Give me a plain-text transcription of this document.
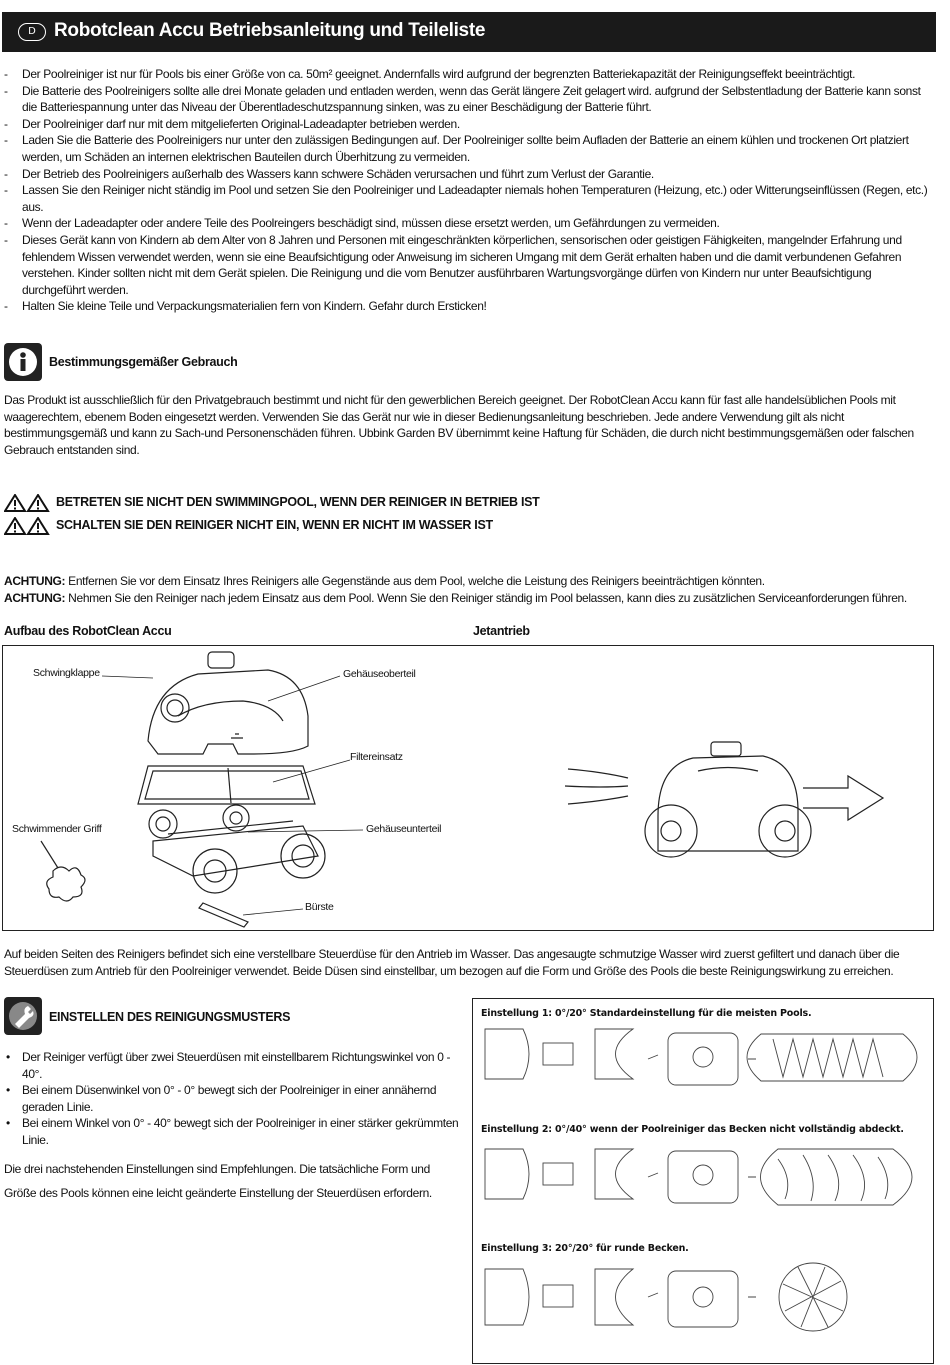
D Robotclean Accu Betriebsanleitung und Teileliste
- Der Poolreiniger ist nur für Pools bis einer Größe von ca. 50m² geeignet. Andernfalls wird aufgrund der begrenzten Batteriekapazität der Reinigungseffekt beeinträchtigt.
- Die Batterie des Poolreinigers sollte alle drei Monate geladen und entladen werden, wenn das Gerät längere Zeit gelagert wird. aufgrund der Selbstentladung der Batterie kann sonst die Batteriespannung unter das Niveau der Überentladeschutzspannung sinken, was zu einer Beschädigung der Batterie führt.
- Der Poolreiniger darf nur mit dem mitgelieferten Original-Ladeadapter betrieben werden.
- Laden Sie die Batterie des Poolreinigers nur unter den zulässigen Bedingungen auf. Der Poolreiniger sollte beim Aufladen der Batterie an einem kühlen und trockenen Ort platziert werden, um Schäden an internen elektrischen Bauteilen durch Überhitzung zu vermeiden.
- Der Betrieb des Poolreinigers außerhalb des Wassers kann schwere Schäden verursachen und führt zum Verlust der Garantie.
- Lassen Sie den Reiniger nicht ständig im Pool und setzen Sie den Poolreiniger und Ladeadapter niemals hohen Temperaturen (Heizung, etc.) oder Witterungseinflüssen (Regen, etc.) aus.
- Wenn der Ladeadapter oder andere Teile des Poolreingers beschädigt sind, müssen diese ersetzt werden, um Gefährdungen zu vermeiden.
- Dieses Gerät kann von Kindern ab dem Alter von 8 Jahren und Personen mit eingeschränkten körperlichen, sensorischen oder geistigen Fähigkeiten, mangelnder Erfahrung und fehlendem Wissen verwendet werden, wenn sie eine Beaufsichtigung oder Anweisung im sicheren Umgang mit dem Gerät erhalten haben und die damit verbundenen Gefahren verstehen. Kinder sollten nicht mit dem Gerät spielen. Die Reinigung und die vom Benutzer ausführbaren Wartungsvorgänge dürfen von Kindern nur unter Beaufsichtigung durchgeführt werden.
- Halten Sie kleine Teile und Verpackungsmaterialien fern von Kindern. Gefahr durch Ersticken!
Bestimmungsgemäßer Gebrauch
Das Produkt ist ausschließlich für den Privatgebrauch bestimmt und nicht für den gewerblichen Bereich geeignet. Der RobotClean Accu kann für fast alle handelsüblichen Pools mit waagerechtem, ebenem Boden eingesetzt werden. Verwenden Sie das Gerät nur wie in dieser Bedienungsanleitung beschrieben. Jede andere Verwendung gilt als nicht bestimmungsgemäß und kann zu Sach-und Personenschäden führen. Ubbink Garden BV übernimmt keine Haftung für Schäden, die durch nicht bestimmungsgemäßen oder falschen Gebrauch entstanden sind.
BETRETEN SIE NICHT DEN SWIMMINGPOOL, WENN DER REINIGER IN BETRIEB IST
SCHALTEN SIE DEN REINIGER NICHT EIN, WENN ER NICHT IM WASSER IST
ACHTUNG: Entfernen Sie vor dem Einsatz Ihres Reinigers alle Gegenstände aus dem Pool, welche die Leistung des Reinigers beeinträchtigen könnten.
ACHTUNG: Nehmen Sie den Reiniger nach jedem Einsatz aus dem Pool. Wenn Sie den Reiniger ständig im Pool belassen, kann dies zu zusätzlichen Serviceanforderungen führen.
Aufbau des RobotClean Accu	Jetantrieb
Schwingklappe	Gehäuseoberteil
Filtereinsatz
Schwimmender Griff	Gehäuseunterteil
Bürste
Auf beiden Seiten des Reinigers befindet sich eine verstellbare Steuerdüse für den Antrieb im Wasser. Das angesaugte schmutzige Wasser wird zuerst gefiltert und danach über die Steuerdüsen zum Antrieb für den Poolreiniger verwendet. Beide Düsen sind einstellbar, um bezogen auf die Form und Größe des Pools die beste Reinigungswirkung zu erreichen.
EINSTELLEN DES REINIGUNGSMUSTERS
• Der Reiniger verfügt über zwei Steuerdüsen mit einstellbarem Richtungswinkel von 0 - 40°.
• Bei einem Düsenwinkel von 0° - 0° bewegt sich der Poolreiniger in einer annähernd geraden Linie.
• Bei einem Winkel von 0° - 40° bewegt sich der Poolreiniger in einer stärker gekrümmten Linie.
Die drei nachstehenden Einstellungen sind Empfehlungen. Die tatsächliche Form und Größe des Pools können eine leicht geänderte Einstellung der Steuerdüsen erfordern.
Einstellung 1: 0°/20° Standardeinstellung für die meisten Pools.
Einstellung 2: 0°/40° wenn der Poolreiniger das Becken nicht vollständig abdeckt.
Einstellung 3: 20°/20° für runde Becken.
